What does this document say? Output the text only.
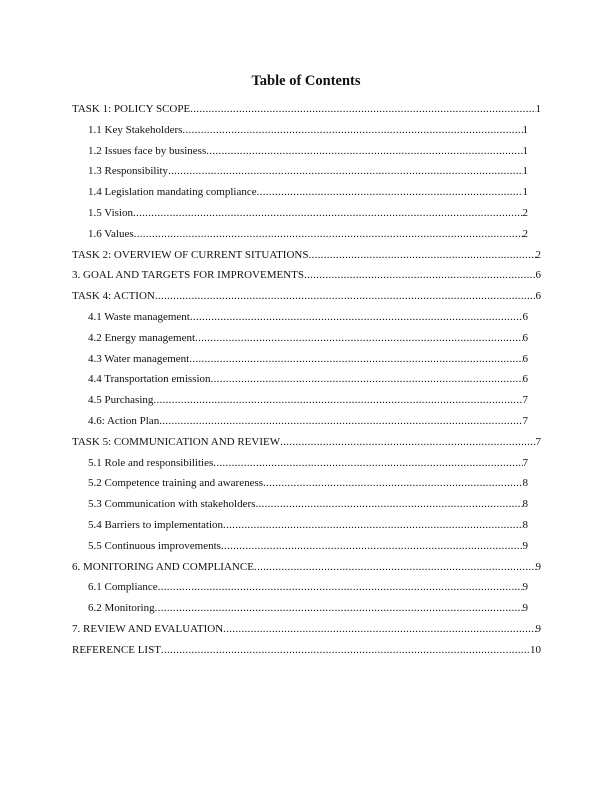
Table of Contents
TASK 1: POLICY SCOPE .....	1
1.1 Key Stakeholders .....	1
1.2 Issues face by business .....	1
1.3 Responsibility .....	1
1.4 Legislation mandating compliance .....	1
1.5 Vision .....	2
1.6 Values .....	2
TASK 2: OVERVIEW OF CURRENT SITUATIONS .....	2
3. GOAL AND TARGETS FOR IMPROVEMENTS .....	6
TASK 4: ACTION .....	6
4.1 Waste management .....	6
4.2 Energy management .....	6
4.3 Water management .....	6
4.4 Transportation emission .....	6
4.5 Purchasing .....	7
4.6: Action Plan .....	7
TASK 5: COMMUNICATION AND REVIEW .....	7
5.1 Role and responsibilities .....	7
5.2 Competence training and awareness .....	8
5.3 Communication with stakeholders .....	8
5.4 Barriers to implementation .....	8
5.5 Continuous improvements .....	9
6. MONITORING AND COMPLIANCE .....	9
6.1 Compliance .....	9
6.2 Monitoring .....	9
7. REVIEW AND EVALUATION .....	9
REFERENCE LIST .....	10
